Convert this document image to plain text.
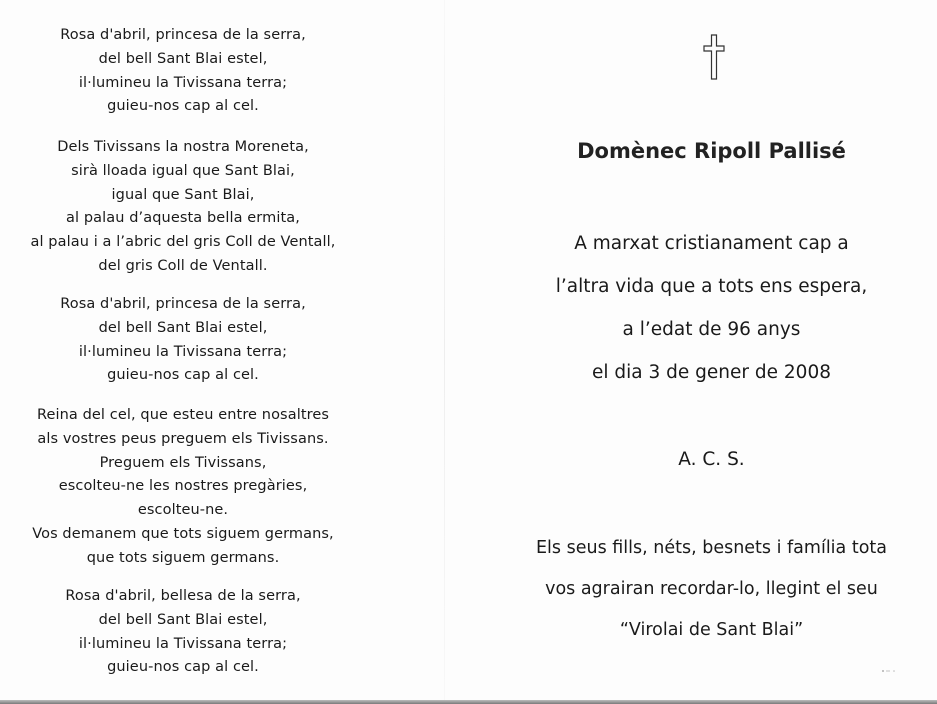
Rosa d'abril, princesa de la serra,
del bell Sant Blai estel,
il·lumineu la Tivissana terra;
guieu-nos cap al cel.
Dels Tivissans la nostra Moreneta,
sirà lloada igual que Sant Blai,
igual que Sant Blai,
al palau d’aquesta bella ermita,
al palau i a l’abric del gris Coll de Ventall,
del gris Coll de Ventall.
Rosa d'abril, princesa de la serra,
del bell Sant Blai estel,
il·lumineu la Tivissana terra;
guieu-nos cap al cel.
Reina del cel, que esteu entre nosaltres
als vostres peus preguem els Tivissans.
Preguem els Tivissans,
escolteu-ne les nostres pregàries,
escolteu-ne.
Vos demanem que tots siguem germans,
que tots siguem germans.
Rosa d'abril, bellesa de la serra,
del bell Sant Blai estel,
il·lumineu la Tivissana terra;
guieu-nos cap al cel.
Domènec Ripoll Pallisé
A marxat cristianament cap a
l’altra vida que a tots ens espera,
a l’edat de 96 anys
el dia 3 de gener de 2008
A. C. S.
Els seus fills, néts, besnets i família tota
vos agrairan recordar-lo, llegint el seu
“Virolai de Sant Blai”
